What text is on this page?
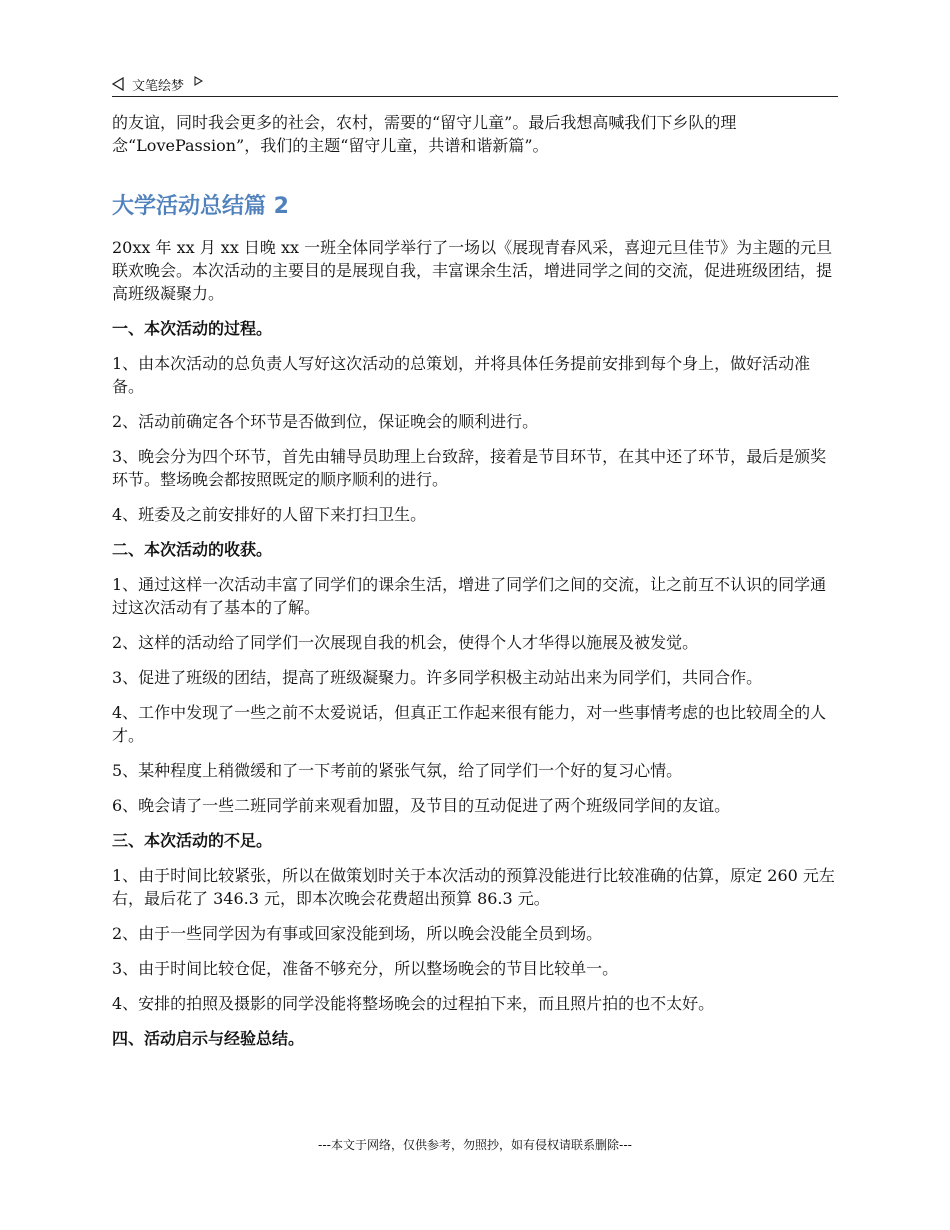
文笔绘梦

的友谊，同时我会更多的社会，农村，需要的“留守儿童”。最后我想高喊我们下乡队的理念“LovePassion”，我们的主题“留守儿童，共谱和谐新篇”。

大学活动总结篇 2

20xx 年 xx 月 xx 日晚 xx 一班全体同学举行了一场以《展现青春风采，喜迎元旦佳节》为主题的元旦联欢晚会。本次活动的主要目的是展现自我，丰富课余生活，增进同学之间的交流，促进班级团结，提高班级凝聚力。

一、本次活动的过程。

1、由本次活动的总负责人写好这次活动的总策划，并将具体任务提前安排到每个身上，做好活动准备。

2、活动前确定各个环节是否做到位，保证晚会的顺利进行。

3、晚会分为四个环节，首先由辅导员助理上台致辞，接着是节目环节，在其中还了环节，最后是颁奖环节。整场晚会都按照既定的顺序顺利的进行。

4、班委及之前安排好的人留下来打扫卫生。

二、本次活动的收获。

1、通过这样一次活动丰富了同学们的课余生活，增进了同学们之间的交流，让之前互不认识的同学通过这次活动有了基本的了解。

2、这样的活动给了同学们一次展现自我的机会，使得个人才华得以施展及被发觉。

3、促进了班级的团结，提高了班级凝聚力。许多同学积极主动站出来为同学们，共同合作。

4、工作中发现了一些之前不太爱说话，但真正工作起来很有能力，对一些事情考虑的也比较周全的人才。

5、某种程度上稍微缓和了一下考前的紧张气氛，给了同学们一个好的复习心情。

6、晚会请了一些二班同学前来观看加盟，及节目的互动促进了两个班级同学间的友谊。

三、本次活动的不足。

1、由于时间比较紧张，所以在做策划时关于本次活动的预算没能进行比较准确的估算，原定 260 元左右，最后花了 346.3 元，即本次晚会花费超出预算 86.3 元。

2、由于一些同学因为有事或回家没能到场，所以晚会没能全员到场。

3、由于时间比较仓促，准备不够充分，所以整场晚会的节目比较单一。

4、安排的拍照及摄影的同学没能将整场晚会的过程拍下来，而且照片拍的也不太好。

四、活动启示与经验总结。
---本文于网络，仅供参考，勿照抄，如有侵权请联系删除---
